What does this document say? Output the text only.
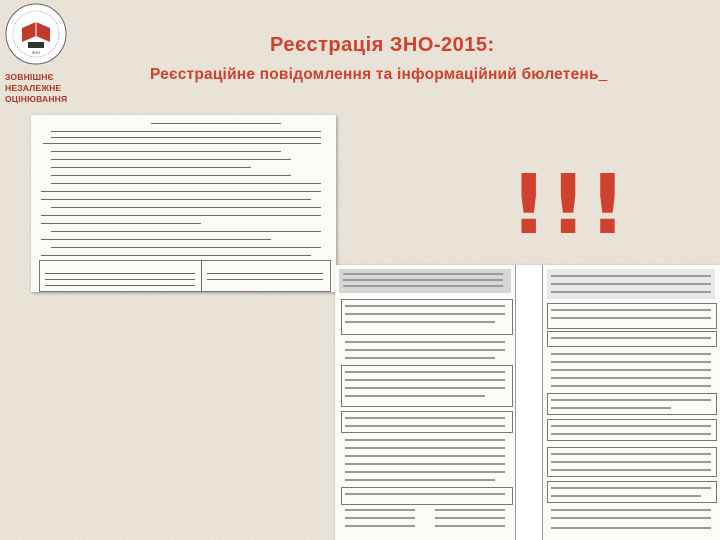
ЗНО
ЗОВНІШНЄ
НЕЗАЛЕЖНЕ
ОЦІНЮВАННЯ
Реєстрація ЗНО-2015:
Реєстраційне повідомлення та інформаційний бюлетень_
!!!
